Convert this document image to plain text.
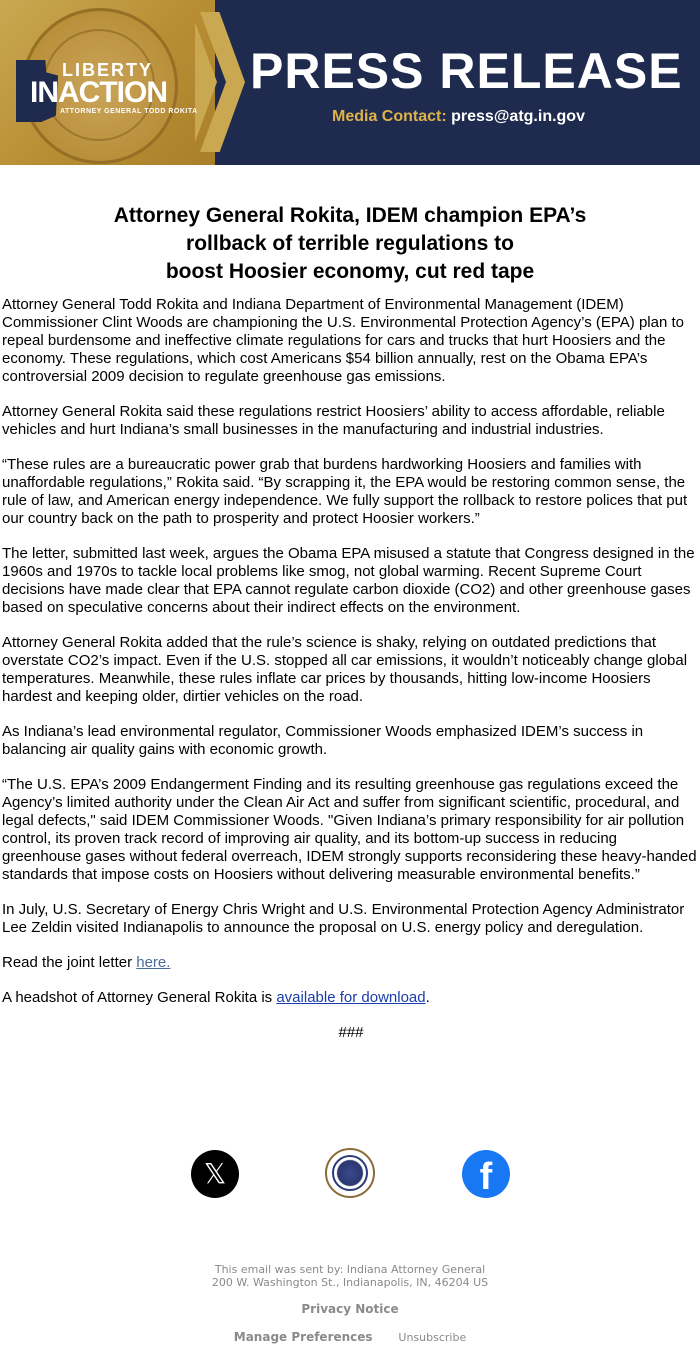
LIBERTY
INACTION
ATTORNEY GENERAL TODD ROKITA
PRESS RELEASE
Media Contact: press@atg.in.gov
Attorney General Rokita, IDEM champion EPA’s
rollback of terrible regulations to
boost Hoosier economy, cut red tape

Attorney General Todd Rokita and Indiana Department of Environmental Management (IDEM) Commissioner Clint Woods are championing the U.S. Environmental Protection Agency’s (EPA) plan to repeal burdensome and ineffective climate regulations for cars and trucks that hurt Hoosiers and the economy. These regulations, which cost Americans $54 billion annually, rest on the Obama EPA’s controversial 2009 decision to regulate greenhouse gas emissions.

Attorney General Rokita said these regulations restrict Hoosiers’ ability to access affordable, reliable vehicles and hurt Indiana’s small businesses in the manufacturing and industrial industries.

“These rules are a bureaucratic power grab that burdens hardworking Hoosiers and families with unaffordable regulations,” Rokita said. “By scrapping it, the EPA would be restoring common sense, the rule of law, and American energy independence. We fully support the rollback to restore polices that put our country back on the path to prosperity and protect Hoosier workers.”

The letter, submitted last week, argues the Obama EPA misused a statute that Congress designed in the 1960s and 1970s to tackle local problems like smog, not global warming. Recent Supreme Court decisions have made clear that EPA cannot regulate carbon dioxide (CO2) and other greenhouse gases based on speculative concerns about their indirect effects on the environment.

Attorney General Rokita added that the rule’s science is shaky, relying on outdated predictions that overstate CO2’s impact. Even if the U.S. stopped all car emissions, it wouldn’t noticeably change global temperatures. Meanwhile, these rules inflate car prices by thousands, hitting low-income Hoosiers hardest and keeping older, dirtier vehicles on the road.

As Indiana’s lead environmental regulator, Commissioner Woods emphasized IDEM’s success in balancing air quality gains with economic growth.

“The U.S. EPA’s 2009 Endangerment Finding and its resulting greenhouse gas regulations exceed the Agency’s limited authority under the Clean Air Act and suffer from significant scientific, procedural, and legal defects," said IDEM Commissioner Woods. "Given Indiana’s primary responsibility for air pollution control, its proven track record of improving air quality, and its bottom-up success in reducing greenhouse gases without federal overreach, IDEM strongly supports reconsidering these heavy-handed standards that impose costs on Hoosiers without delivering measurable environmental benefits.”

In July, U.S. Secretary of Energy Chris Wright and U.S. Environmental Protection Agency Administrator Lee Zeldin visited Indianapolis to announce the proposal on U.S. energy policy and deregulation.

Read the joint letter here.

A headshot of Attorney General Rokita is available for download.

###

𝕏	f
This email was sent by: Indiana Attorney General
200 W. Washington St., Indianapolis, IN, 46204 US
Privacy Notice
Manage Preferences Unsubscribe
